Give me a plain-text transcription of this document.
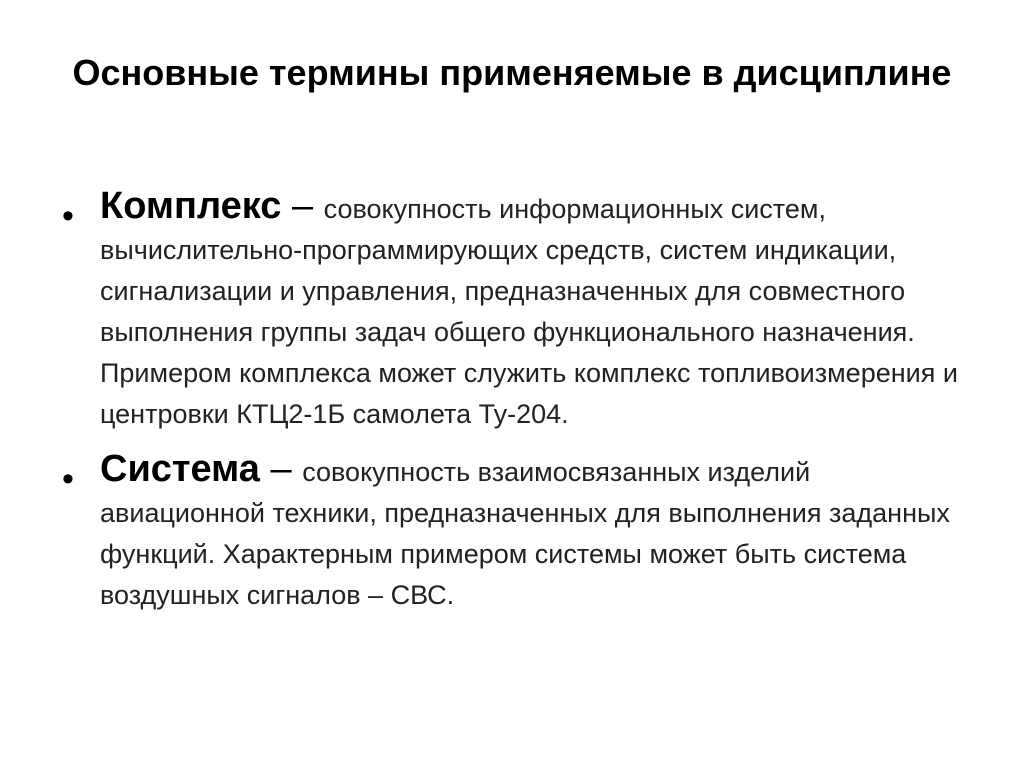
Основные термины применяемые в дисциплине
• Комплекс – совокупность информационных систем, вычислительно-программирующих средств, систем индикации, сигнализации и управления, предназначенных для совместного выполнения группы задач общего функционального назначения. Примером комплекса может служить комплекс топливоизмерения и центровки КТЦ2-1Б самолета Ту-204.
• Система – совокупность взаимосвязанных изделий авиационной техники, предназначенных для выполнения заданных функций. Характерным примером системы может быть система воздушных сигналов – СВС.
